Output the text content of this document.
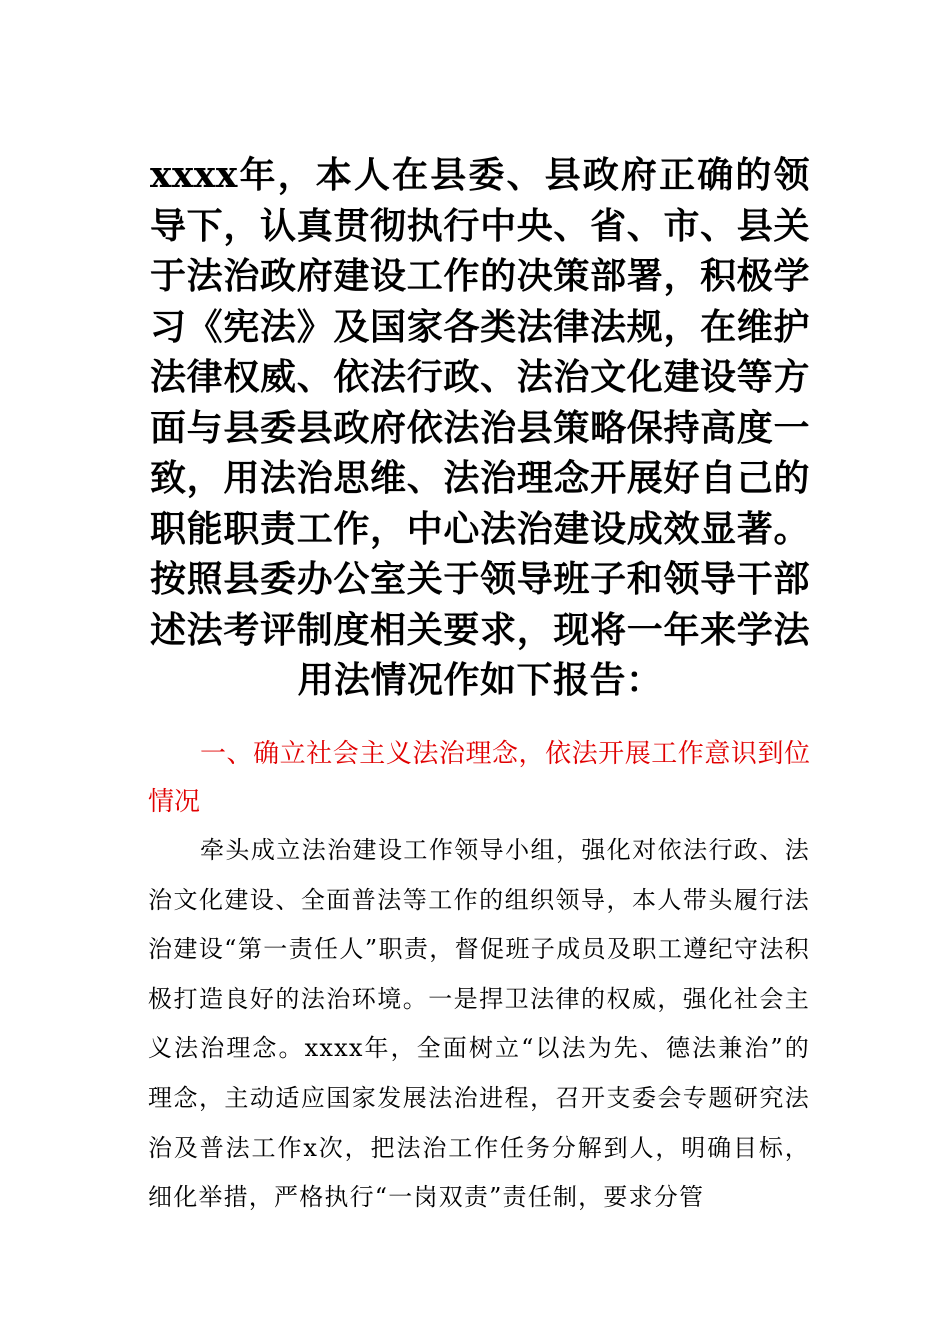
xxxx年，本人在县委、县政府正确的领导下，认真贯彻执行中央、省、市、县关于法治政府建设工作的决策部署，积极学习《宪法》及国家各类法律法规，在维护法律权威、依法行政、法治文化建设等方面与县委县政府依法治县策略保持高度一致，用法治思维、法治理念开展好自己的职能职责工作，中心法治建设成效显著。按照县委办公室关于领导班子和领导干部述法考评制度相关要求，现将一年来学法用法情况作如下报告：

一、确立社会主义法治理念，依法开展工作意识到位情况

牵头成立法治建设工作领导小组，强化对依法行政、法治文化建设、全面普法等工作的组织领导，本人带头履行法治建设“第一责任人”职责，督促班子成员及职工遵纪守法积极打造良好的法治环境。一是捍卫法律的权威，强化社会主义法治理念。xxxx年，全面树立“以法为先、德法兼治”的理念，主动适应国家发展法治进程，召开支委会专题研究法治及普法工作x次，把法治工作任务分解到人，明确目标，细化举措，严格执行“一岗双责”责任制，要求分管
